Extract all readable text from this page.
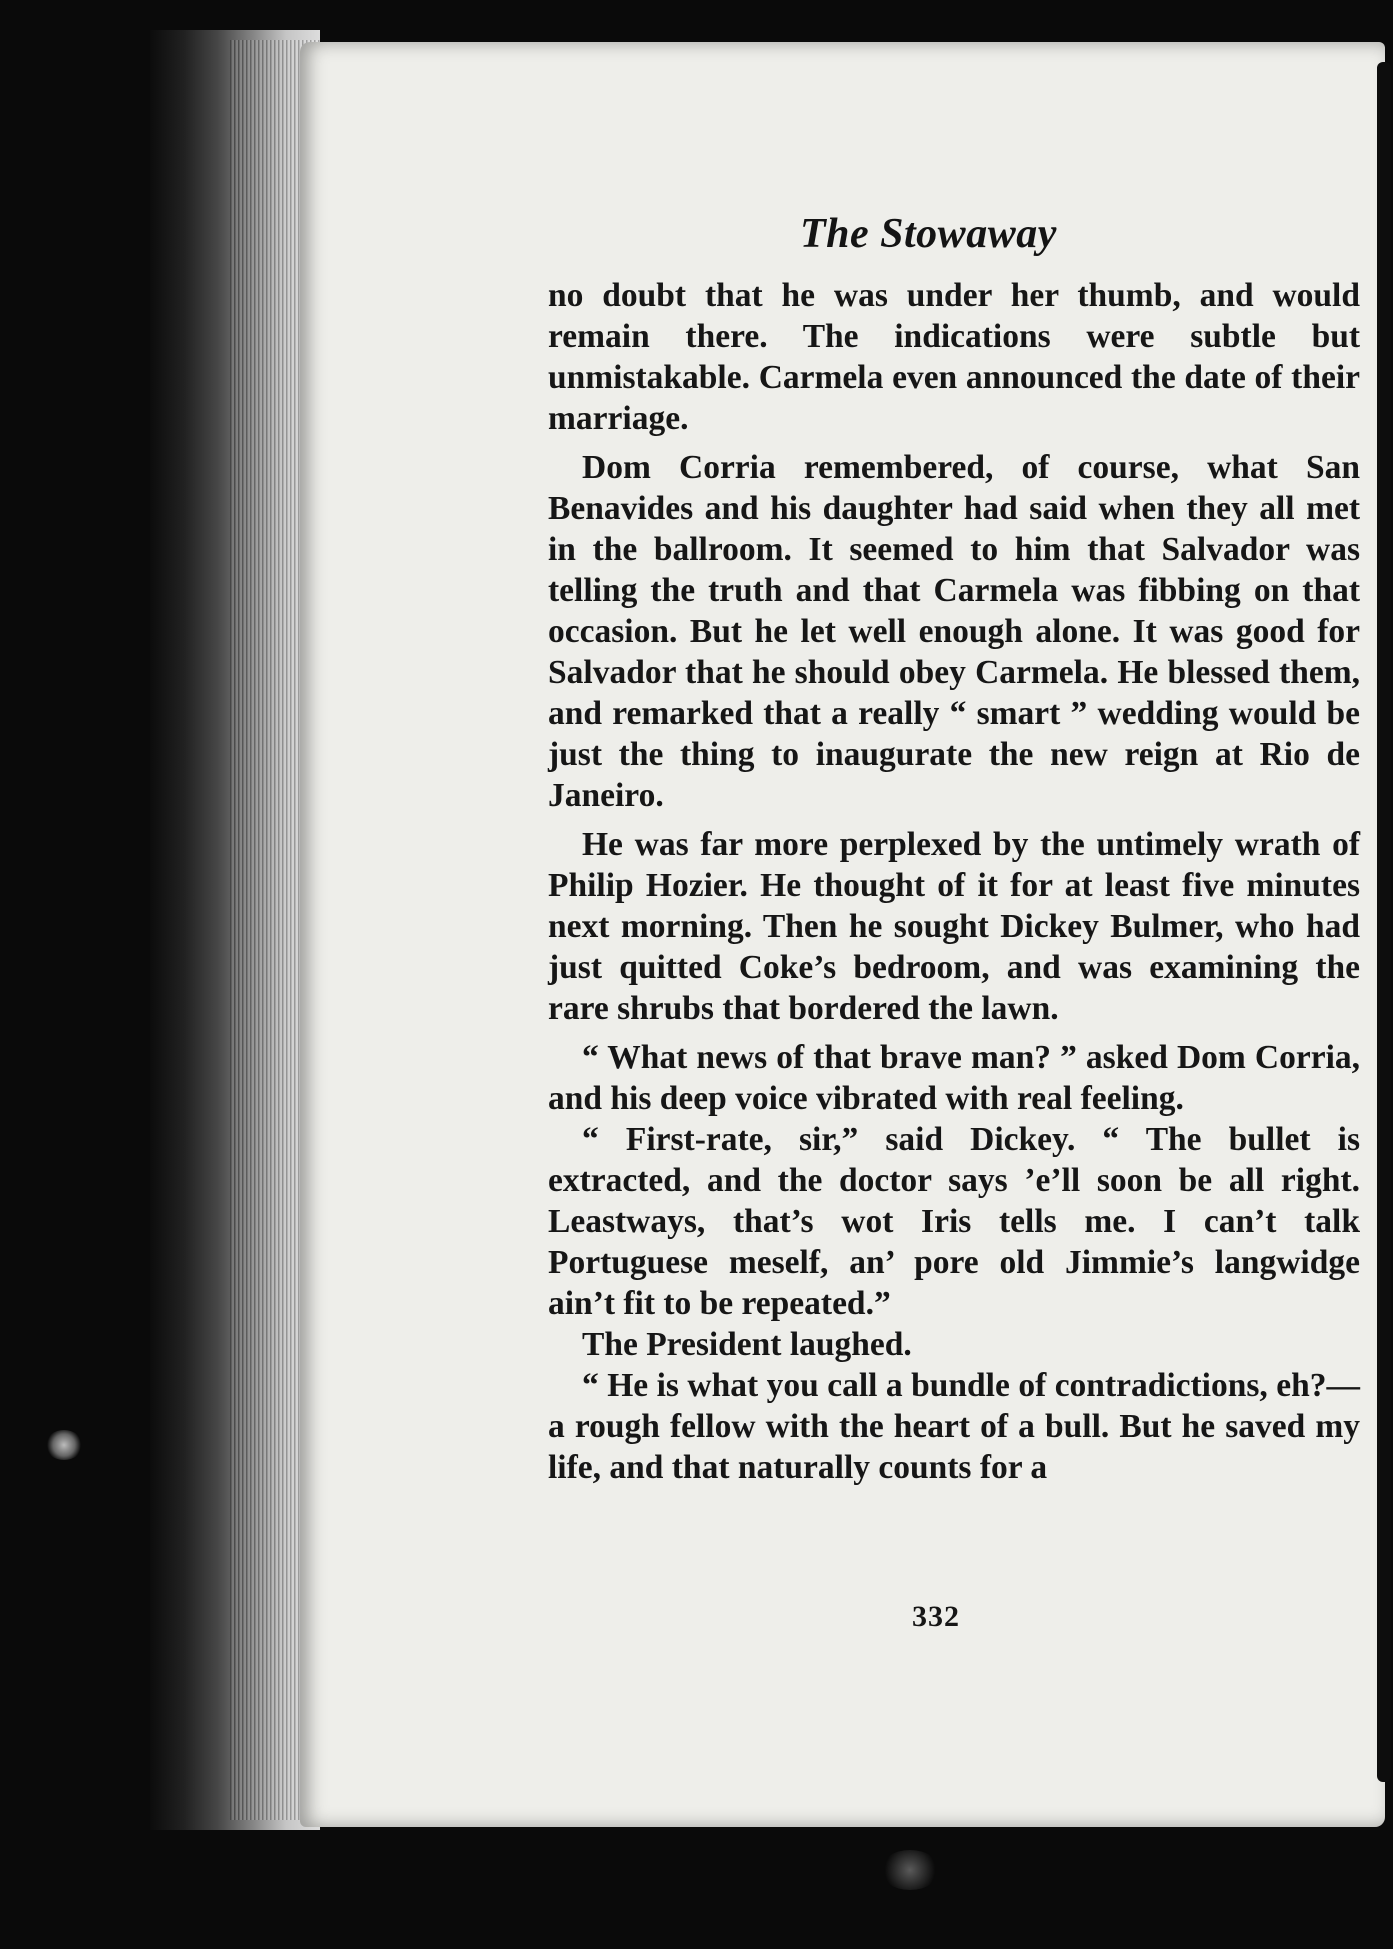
The Stowaway

no doubt that he was under her thumb, and would remain there. The indications were subtle but unmistakable. Carmela even announced the date of their marriage.

Dom Corria remembered, of course, what San Benavides and his daughter had said when they all met in the ballroom. It seemed to him that Salvador was telling the truth and that Carmela was fibbing on that occasion. But he let well enough alone. It was good for Salvador that he should obey Carmela. He blessed them, and remarked that a really “ smart ” wedding would be just the thing to inaugurate the new reign at Rio de Janeiro.

He was far more perplexed by the untimely wrath of Philip Hozier. He thought of it for at least five minutes next morning. Then he sought Dickey Bulmer, who had just quitted Coke’s bedroom, and was examining the rare shrubs that bordered the lawn.

“ What news of that brave man? ” asked Dom Corria, and his deep voice vibrated with real feeling.

“ First-rate, sir,” said Dickey. “ The bullet is extracted, and the doctor says ’e’ll soon be all right. Leastways, that’s wot Iris tells me. I can’t talk Portuguese meself, an’ pore old Jimmie’s langwidge ain’t fit to be repeated.”

The President laughed.

“ He is what you call a bundle of contradictions, eh?—a rough fellow with the heart of a bull. But he saved my life, and that naturally counts for a

332
